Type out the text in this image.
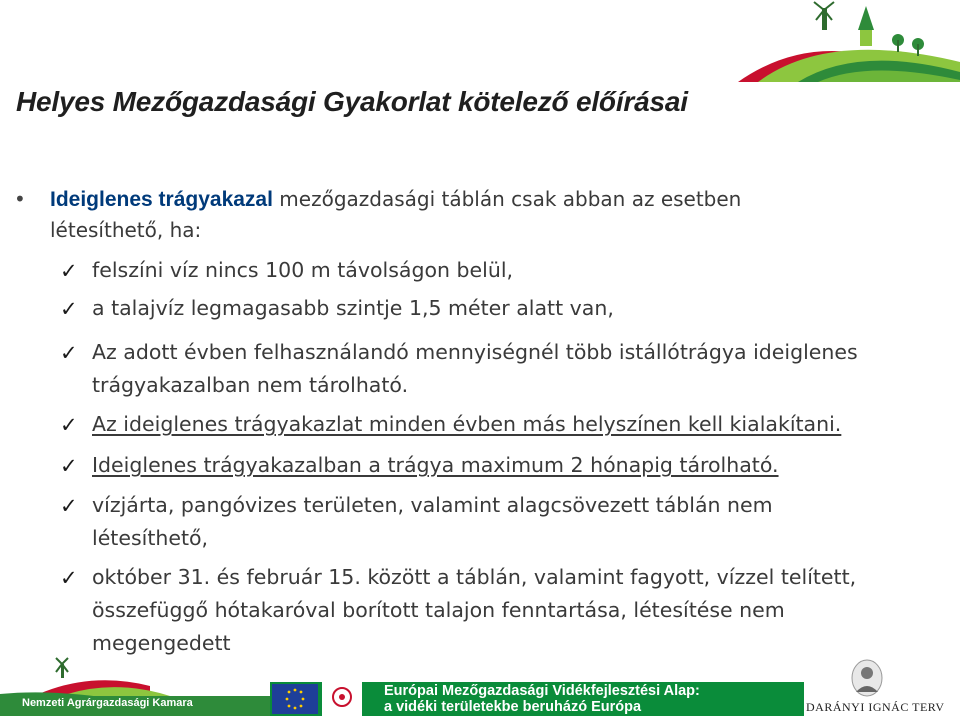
Helyes Mezőgazdasági Gyakorlat kötelező előírásai
• Ideiglenes trágyakazal mezőgazdasági táblán csak abban az esetben
létesíthető, ha:
✓ felszíni víz nincs 100 m távolságon belül,
✓ a talajvíz legmagasabb szintje 1,5 méter alatt van,
✓ Az adott évben felhasználandó mennyiségnél több istállótrágya ideiglenes
trágyakazalban nem tárolható.
✓ Az ideiglenes trágyakazlat minden évben más helyszínen kell kialakítani.
✓ Ideiglenes trágyakazalban a trágya maximum 2 hónapig tárolható.
✓ vízjárta, pangóvizes területen, valamint alagcsövezett táblán nem
létesíthető,
✓ október 31. és február 15. között a táblán, valamint fagyott, vízzel telített,
összefüggő hótakaróval borított talajon fenntartása, létesítése nem
megengedett
Nemzeti Agrárgazdasági Kamara
Európai Mezőgazdasági Vidékfejlesztési Alap:
a vidéki területekbe beruházó Európa	DARÁNYI IGNÁC TERV
